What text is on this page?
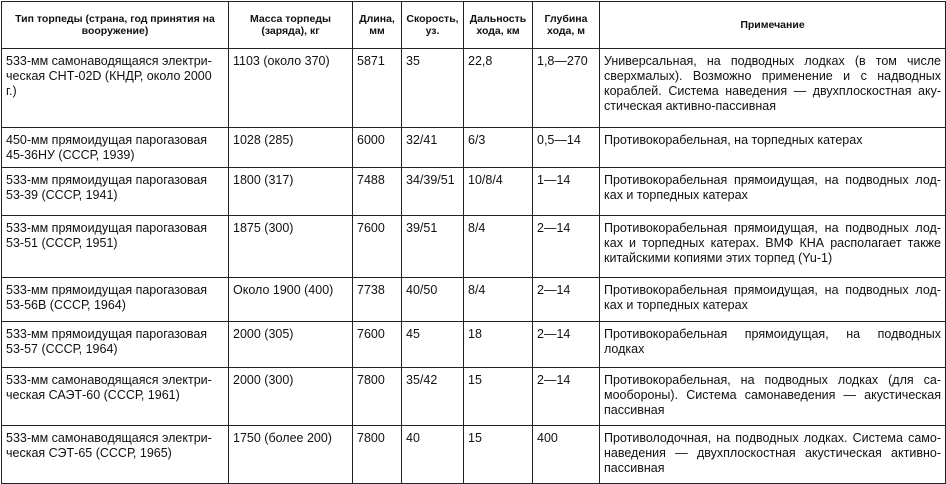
Тип торпеды (страна, год принятия на вооружение)	Масса торпеды (заряда), кг	Длина, мм	Скорость, уз.	Дальность хода, км	Глубина хода, м	Примечание
533-мм самонаводящаяся электри-ческая СНТ-02D (КНДР, около 2000 г.)	1103 (около 370)	5871	35	22,8	1,8—270	Универсальная, на подводных лодках (в том числе сверхмалых). Возможно применение и с надводных кораблей. Система наведения — двухплоскостная аку-стическая активно-пассивная
450-мм прямоидущая парогазовая 45-36НУ (СССР, 1939)	1028 (285)	6000	32/41	6/3	0,5—14	Противокорабельная, на торпедных катерах
533-мм прямоидущая парогазовая 53-39 (СССР, 1941)	1800 (317)	7488	34/39/51	10/8/4	1—14	Противокорабельная прямоидущая, на подводных лод-ках и торпедных катерах
533-мм прямоидущая парогазовая 53-51 (СССР, 1951)	1875 (300)	7600	39/51	8/4	2—14	Противокорабельная прямоидущая, на подводных лод-ках и торпедных катерах. ВМФ КНА располагает также китайскими копиями этих торпед (Yu-1)
533-мм прямоидущая парогазовая 53-56В (СССР, 1964)	Около 1900 (400)	7738	40/50	8/4	2—14	Противокорабельная прямоидущая, на подводных лод-ках и торпедных катерах
533-мм прямоидущая парогазовая 53-57 (СССР, 1964)	2000 (305)	7600	45	18	2—14	Противокорабельная прямоидущая, на подводных лодках
533-мм самонаводящаяся электри-ческая САЭТ-60 (СССР, 1961)	2000 (300)	7800	35/42	15	2—14	Противокорабельная, на подводных лодках (для са-мообороны). Система самонаведения — акустическая пассивная
533-мм самонаводящаяся электри-ческая СЭТ-65 (СССР, 1965)	1750 (более 200)	7800	40	15	400	Противолодочная, на подводных лодках. Система само-наведения — двухплоскостная акустическая активно-пассивная
